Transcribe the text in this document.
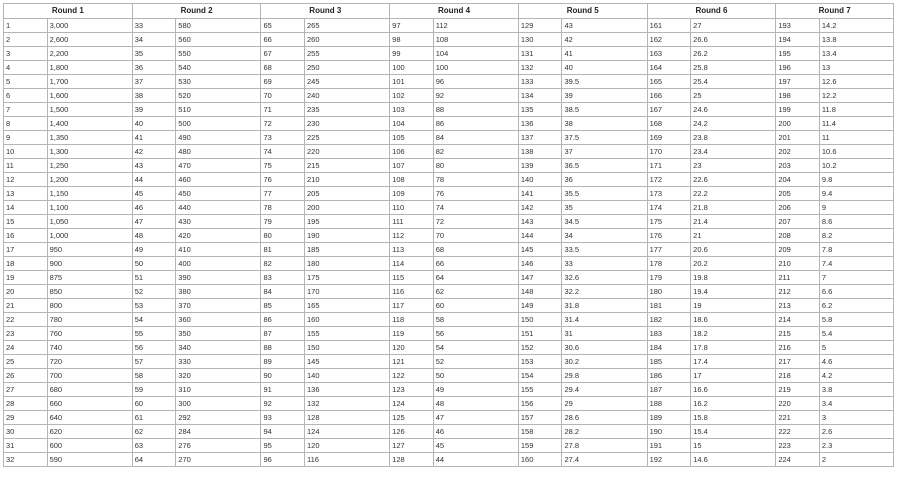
Round 1		Round 2		Round 3		Round 4		Round 5		Round 6		Round 7	
1	3,000	33	580	65	265	97	112	129	43	161	27	193	14.2
2	2,600	34	560	66	260	98	108	130	42	162	26.6	194	13.8
3	2,200	35	550	67	255	99	104	131	41	163	26.2	195	13.4
4	1,800	36	540	68	250	100	100	132	40	164	25.8	196	13
5	1,700	37	530	69	245	101	96	133	39.5	165	25.4	197	12.6
6	1,600	38	520	70	240	102	92	134	39	166	25	198	12.2
7	1,500	39	510	71	235	103	88	135	38.5	167	24.6	199	11.8
8	1,400	40	500	72	230	104	86	136	38	168	24.2	200	11.4
9	1,350	41	490	73	225	105	84	137	37.5	169	23.8	201	11
10	1,300	42	480	74	220	106	82	138	37	170	23.4	202	10.6
11	1,250	43	470	75	215	107	80	139	36.5	171	23	203	10.2
12	1,200	44	460	76	210	108	78	140	36	172	22.6	204	9.8
13	1,150	45	450	77	205	109	76	141	35.5	173	22.2	205	9.4
14	1,100	46	440	78	200	110	74	142	35	174	21.8	206	9
15	1,050	47	430	79	195	111	72	143	34.5	175	21.4	207	8.6
16	1,000	48	420	80	190	112	70	144	34	176	21	208	8.2
17	950	49	410	81	185	113	68	145	33.5	177	20.6	209	7.8
18	900	50	400	82	180	114	66	146	33	178	20.2	210	7.4
19	875	51	390	83	175	115	64	147	32.6	179	19.8	211	7
20	850	52	380	84	170	116	62	148	32.2	180	19.4	212	6.6
21	800	53	370	85	165	117	60	149	31.8	181	19	213	6.2
22	780	54	360	86	160	118	58	150	31.4	182	18.6	214	5.8
23	760	55	350	87	155	119	56	151	31	183	18.2	215	5.4
24	740	56	340	88	150	120	54	152	30.6	184	17.8	216	5
25	720	57	330	89	145	121	52	153	30.2	185	17.4	217	4.6
26	700	58	320	90	140	122	50	154	29.8	186	17	218	4.2
27	680	59	310	91	136	123	49	155	29.4	187	16.6	219	3.8
28	660	60	300	92	132	124	48	156	29	188	16.2	220	3.4
29	640	61	292	93	128	125	47	157	28.6	189	15.8	221	3
30	620	62	284	94	124	126	46	158	28.2	190	15.4	222	2.6
31	600	63	276	95	120	127	45	159	27.8	191	15	223	2.3
32	590	64	270	96	116	128	44	160	27.4	192	14.6	224	2
